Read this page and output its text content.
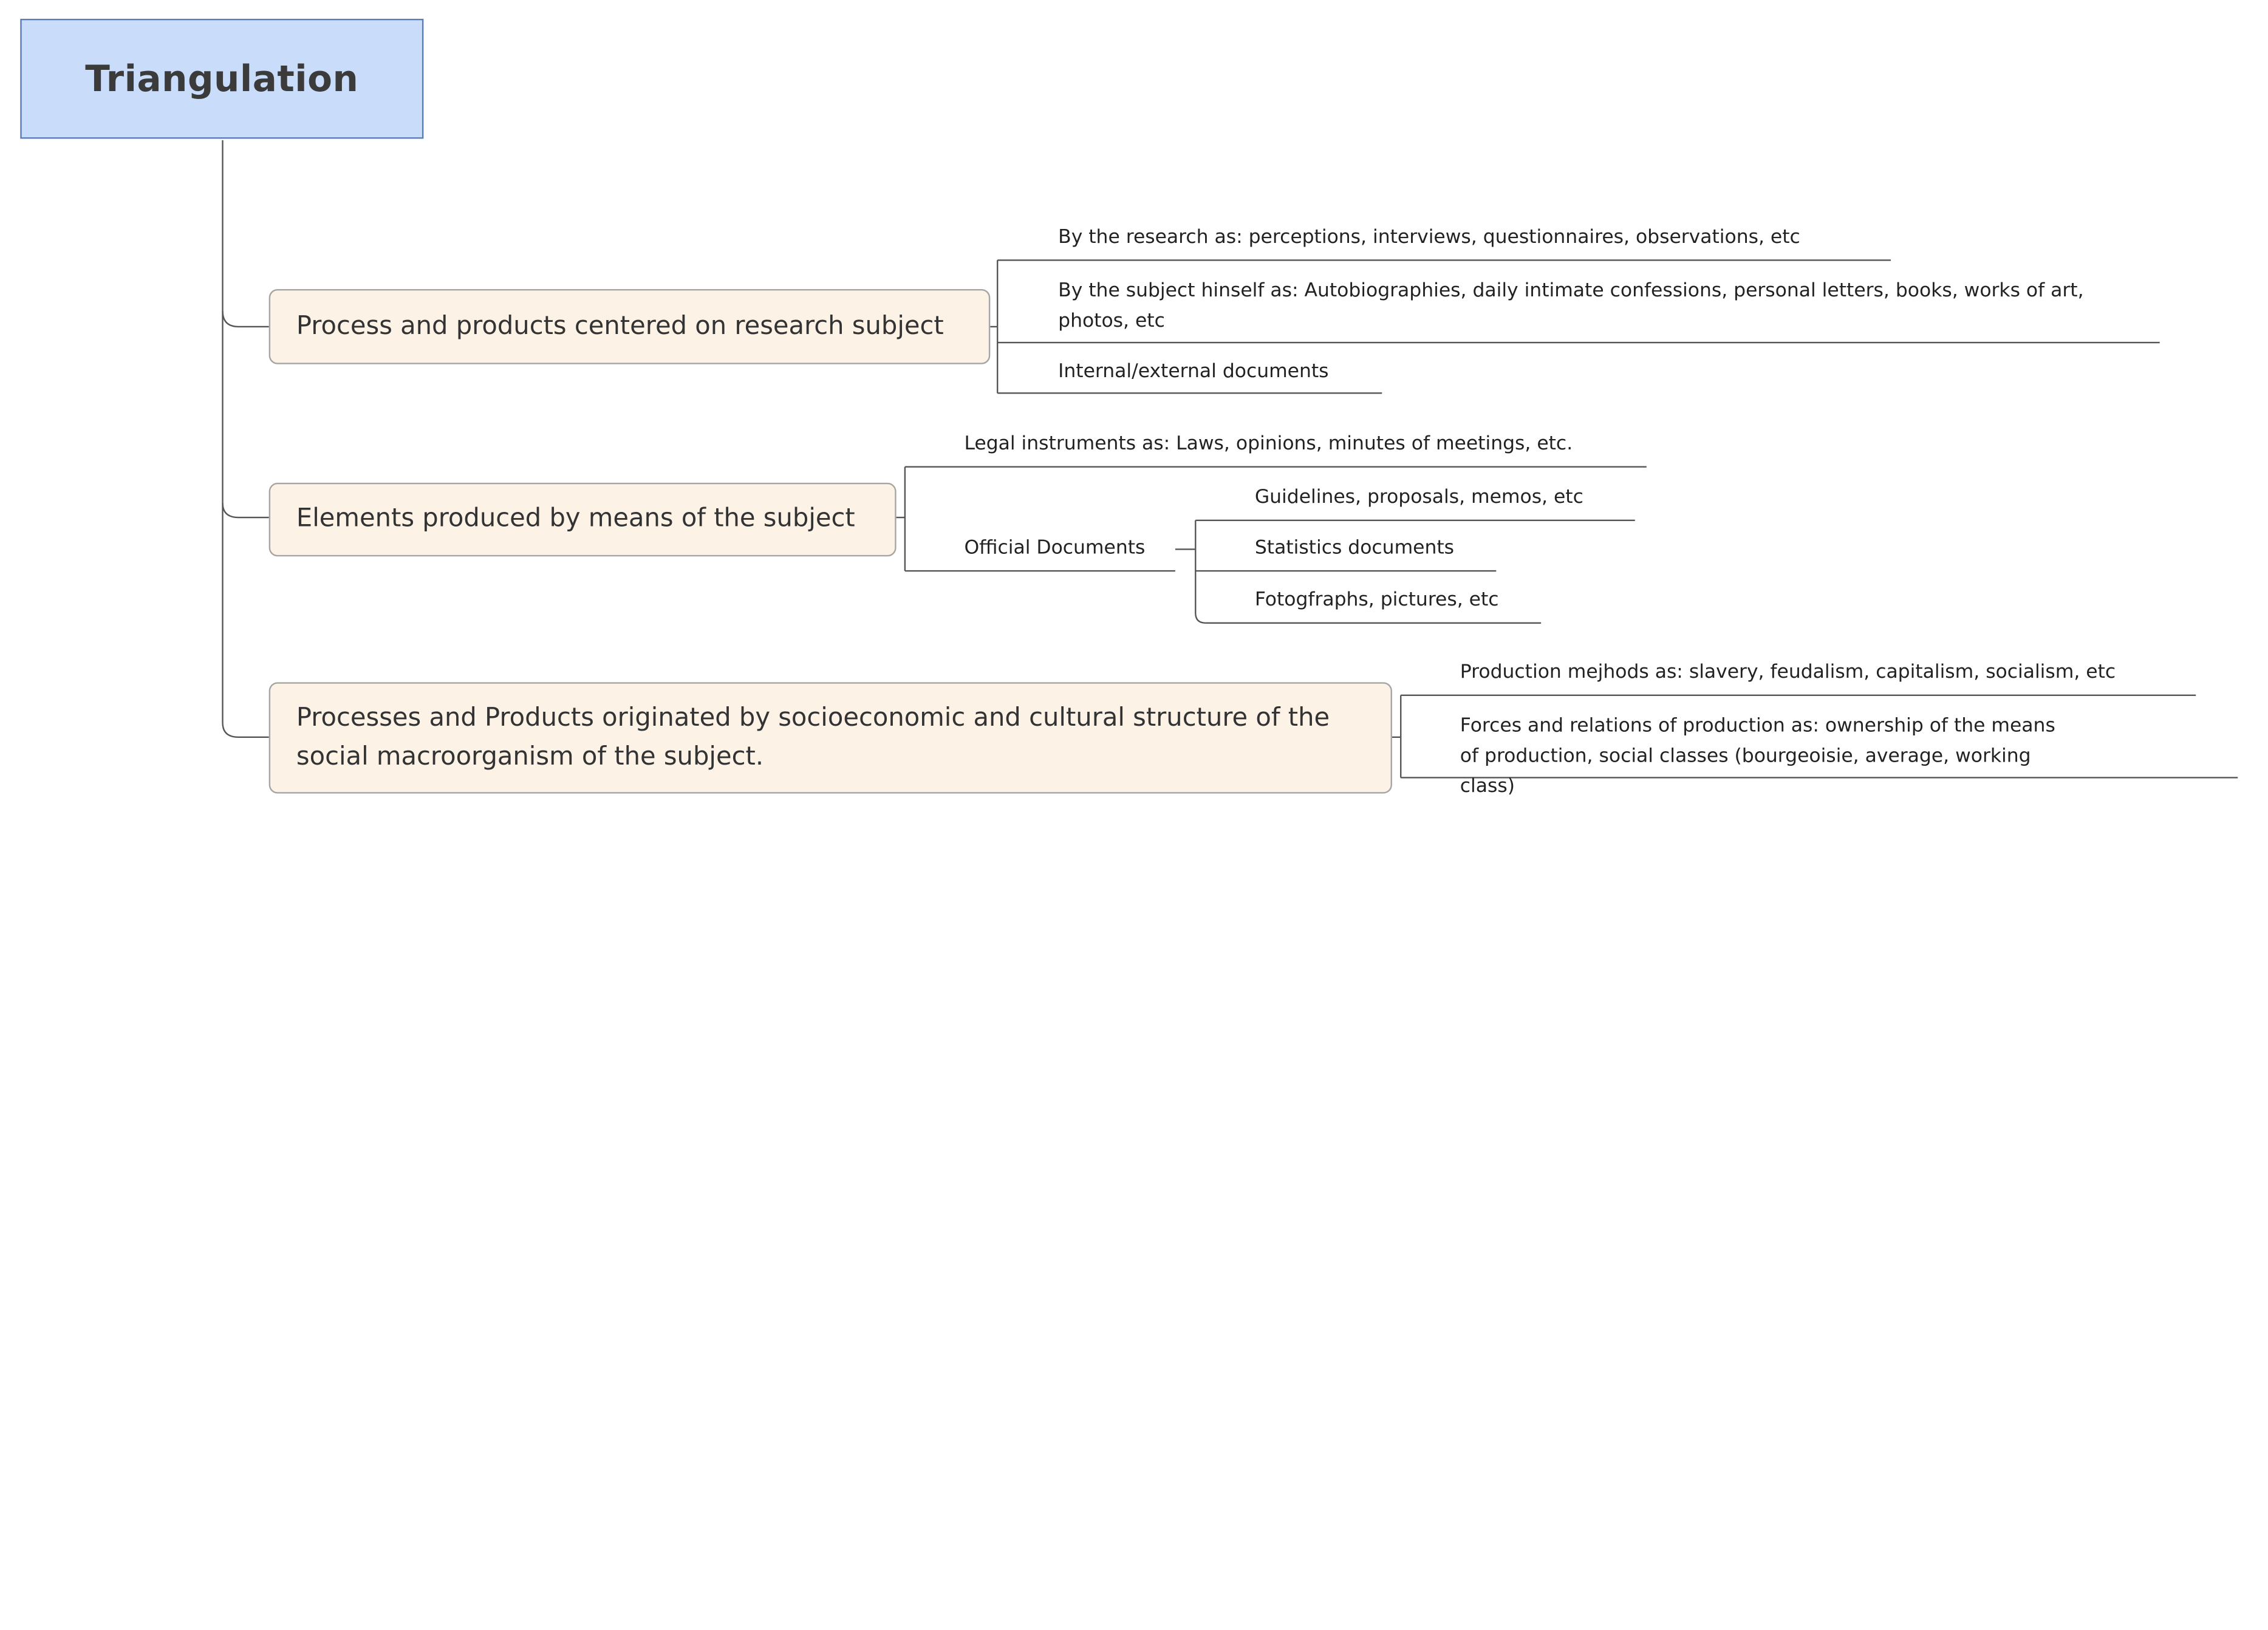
Triangulation
Process and products centered on research subject
By the research as: perceptions, interviews, questionnaires, observations, etc
By the subject hinself as: Autobiographies, daily intimate confessions, personal letters, books, works of art, photos, etc
Internal/external documents
Elements produced by means of the subject
Legal instruments as: Laws, opinions, minutes of meetings, etc.
Official Documents
Guidelines, proposals, memos, etc
Statistics documents
Fotogfraphs, pictures, etc
Processes and Products originated by socioeconomic and cultural structure of the social macroorganism of the subject.
Production mejhods as: slavery, feudalism, capitalism, socialism, etc
Forces and relations of production as: ownership of the means of production, social classes (bourgeoisie, average, working class)
